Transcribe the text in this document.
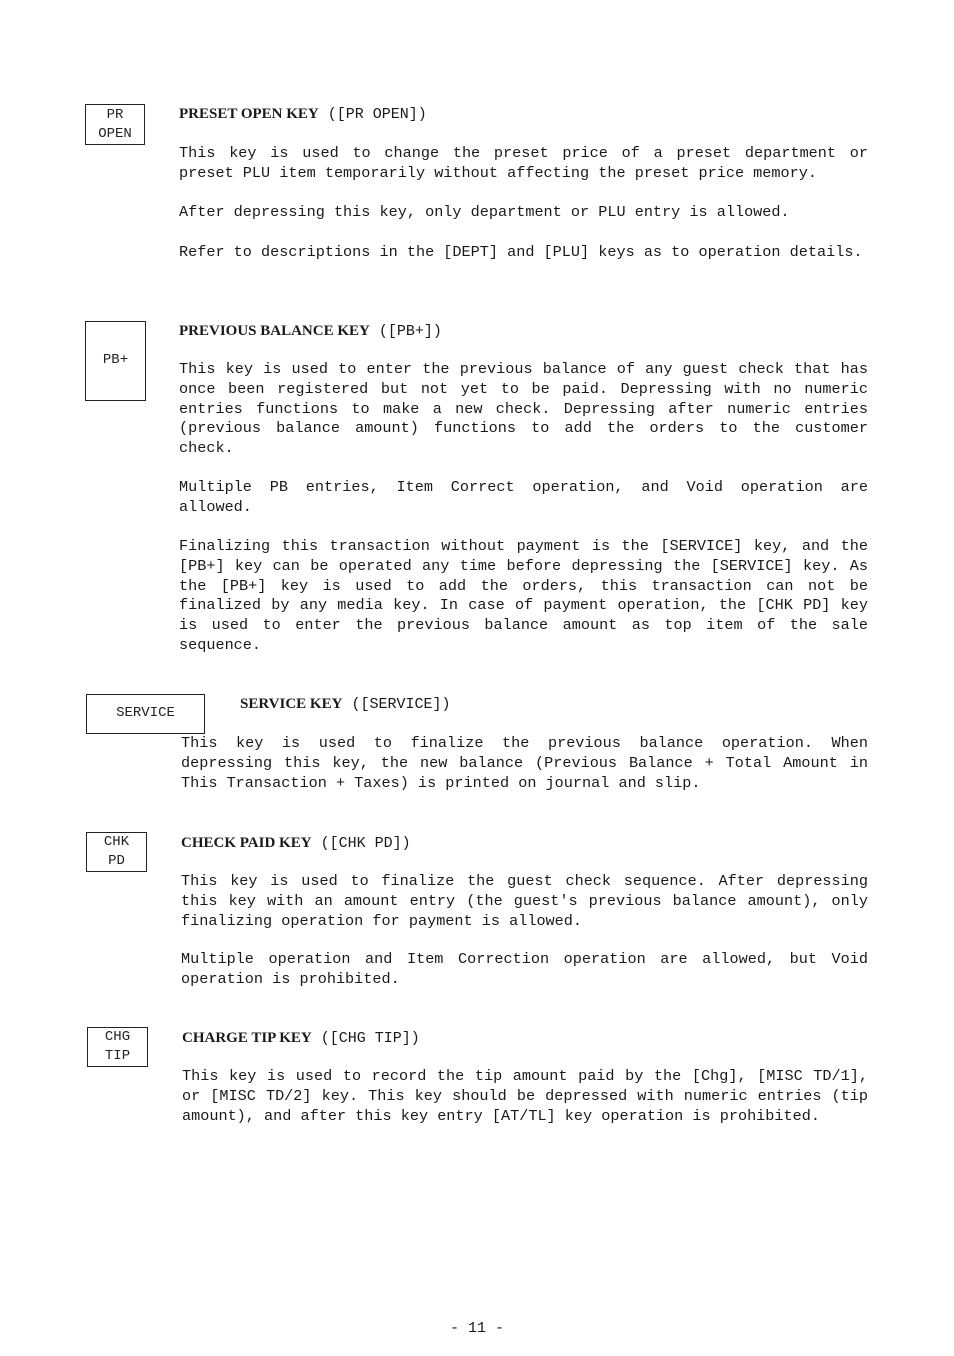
PR
OPEN
PRESET OPEN KEY ([PR OPEN])
This key is used to change the preset price of a preset department or preset PLU item temporarily without affecting the preset price memory.
After depressing this key, only department or PLU entry is allowed.
Refer to descriptions in the [DEPT] and [PLU] keys as to operation details.
PB+
PREVIOUS BALANCE KEY ([PB+])
This key is used to enter the previous balance of any guest check that has once been registered but not yet to be paid. Depressing with no numeric entries functions to make a new check. Depressing after numeric entries (previous balance amount) functions to add the orders to the customer check.
Multiple PB entries, Item Correct operation, and Void operation are allowed.
Finalizing this transaction without payment is the [SERVICE] key, and the [PB+] key can be operated any time before depressing the [SERVICE] key. As the [PB+] key is used to add the orders, this transaction can not be finalized by any media key. In case of payment operation, the [CHK PD] key is used to enter the previous balance amount as top item of the sale sequence.
SERVICE
SERVICE KEY ([SERVICE])
This key is used to finalize the previous balance operation. When depressing this key, the new balance (Previous Balance + Total Amount in This Transaction + Taxes) is printed on journal and slip.
CHK
PD
CHECK PAID KEY ([CHK PD])
This key is used to finalize the guest check sequence. After depressing this key with an amount entry (the guest's previous balance amount), only finalizing operation for payment is allowed.
Multiple operation and Item Correction operation are allowed, but Void operation is prohibited.
CHG
TIP
CHARGE TIP KEY ([CHG TIP])
This key is used to record the tip amount paid by the [Chg], [MISC TD/1], or [MISC TD/2] key. This key should be depressed with numeric entries (tip amount), and after this key entry [AT/TL] key operation is prohibited.
- 11 -
